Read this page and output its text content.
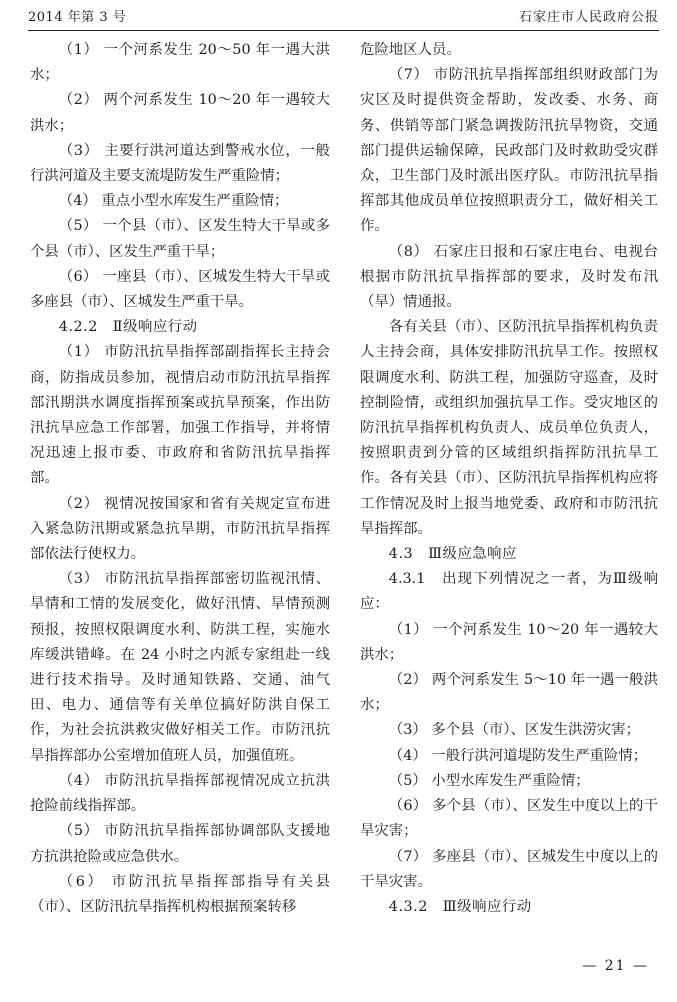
2014 年第 3 号	石家庄市人民政府公报

（1） 一个河系发生 20～50 年一遇大洪水；

（2） 两个河系发生 10～20 年一遇较大洪水；

（3） 主要行洪河道达到警戒水位，一般行洪河道及主要支流堤防发生严重险情；

（4） 重点小型水库发生严重险情；

（5） 一个县（市）、区发生特大干旱或多个县（市）、区发生严重干旱；

（6） 一座县（市）、区城发生特大干旱或多座县（市）、区城发生严重干旱。

4.2.2　Ⅱ级响应行动

（1） 市防汛抗旱指挥部副指挥长主持会商，防指成员参加，视情启动市防汛抗旱指挥部汛期洪水调度指挥预案或抗旱预案，作出防汛抗旱应急工作部署，加强工作指导，并将情况迅速上报市委、市政府和省防汛抗旱指挥部。

（2） 视情况按国家和省有关规定宣布进入紧急防汛期或紧急抗旱期，市防汛抗旱指挥部依法行使权力。

（3） 市防汛抗旱指挥部密切监视汛情、旱情和工情的发展变化，做好汛情、旱情预测预报，按照权限调度水利、防洪工程，实施水库缓洪错峰。在 24 小时之内派专家组赴一线进行技术指导。及时通知铁路、交通、油气田、电力、通信等有关单位搞好防洪自保工作，为社会抗洪救灾做好相关工作。市防汛抗旱指挥部办公室增加值班人员，加强值班。

（4） 市防汛抗旱指挥部视情况成立抗洪抢险前线指挥部。

（5） 市防汛抗旱指挥部协调部队支援地方抗洪抢险或应急供水。

（6） 市防汛抗旱指挥部指导有关县（市）、区防汛抗旱指挥机构根据预案转移

危险地区人员。

（7） 市防汛抗旱指挥部组织财政部门为灾区及时提供资金帮助，发改委、水务、商务、供销等部门紧急调拨防汛抗旱物资，交通部门提供运输保障，民政部门及时救助受灾群众，卫生部门及时派出医疗队。市防汛抗旱指挥部其他成员单位按照职责分工，做好相关工作。

（8） 石家庄日报和石家庄电台、电视台根据市防汛抗旱指挥部的要求，及时发布汛（旱）情通报。

各有关县（市）、区防汛抗旱指挥机构负责人主持会商，具体安排防汛抗旱工作。按照权限调度水利、防洪工程，加强防守巡查，及时控制险情，或组织加强抗旱工作。受灾地区的防汛抗旱指挥机构负责人、成员单位负责人，按照职责到分管的区域组织指挥防汛抗旱工作。各有关县（市）、区防汛抗旱指挥机构应将工作情况及时上报当地党委、政府和市防汛抗旱指挥部。

4.3　Ⅲ级应急响应

4.3.1　出现下列情况之一者，为Ⅲ级响应：

（1） 一个河系发生 10～20 年一遇较大洪水；

（2） 两个河系发生 5～10 年一遇一般洪水；

（3） 多个县（市）、区发生洪涝灾害；

（4） 一般行洪河道堤防发生严重险情；

（5） 小型水库发生严重险情；

（6） 多个县（市）、区发生中度以上的干旱灾害；

（7） 多座县（市）、区城发生中度以上的干旱灾害。

4.3.2　Ⅲ级响应行动

— 21 —
